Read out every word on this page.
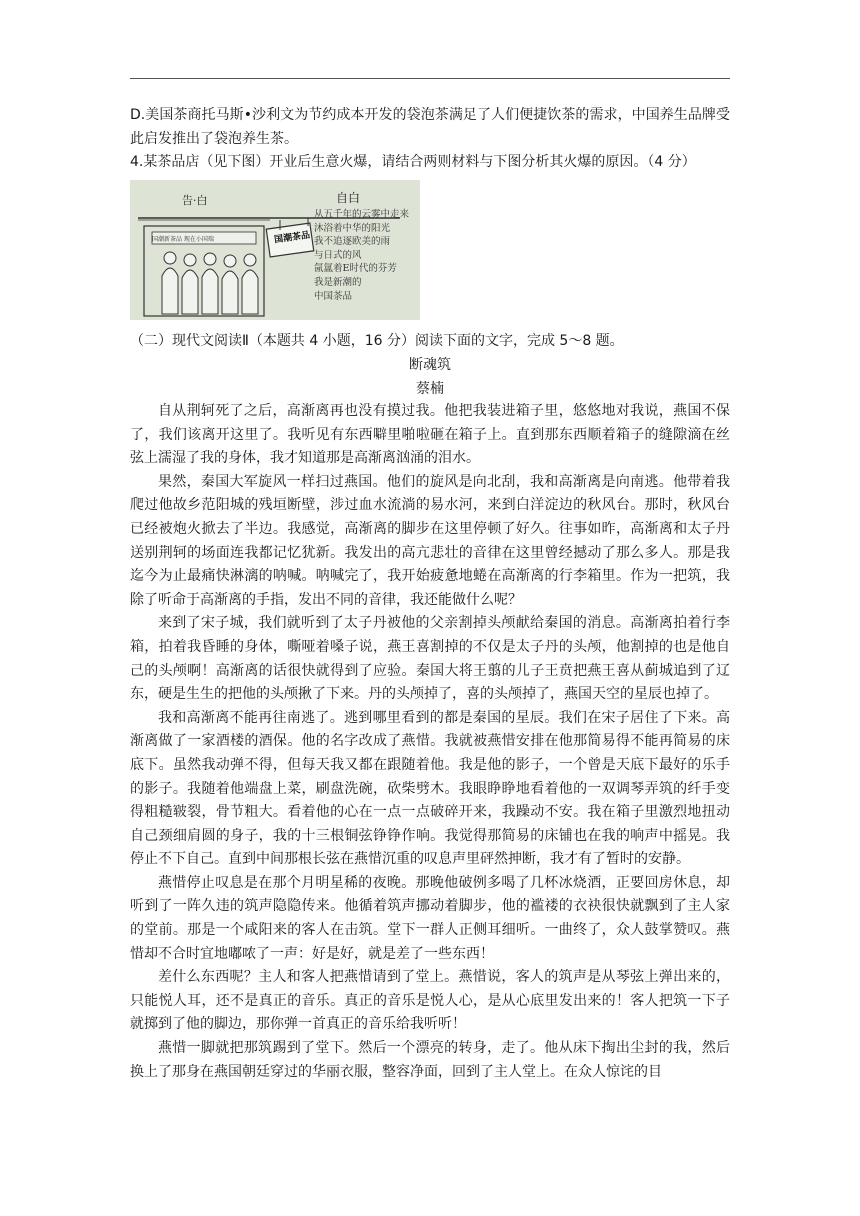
D.美国茶商托马斯•沙利文为节约成本开发的袋泡茶满足了人们便捷饮茶的需求，中国养生品牌受此启发推出了袋泡养生茶。

4.某茶品店（见下图）开业后生意火爆，请结合两则材料与下图分析其火爆的原因。（4 分）

告·白	自白
国潮茶品
国潮新茶品 现在小国瑞
从五千年的云雾中走来
沐浴着中华的阳光
我不追逐欧美的雨
与日式的风
氤氲着E时代的芬芳
我是新潮的
中国茶品

（二）现代文阅读Ⅱ（本题共 4 小题，16 分）阅读下面的文字，完成 5～8 题。

断魂筑

蔡楠

自从荆轲死了之后，高渐离再也没有摸过我。他把我装进箱子里，悠悠地对我说，燕国不保了，我们该离开这里了。我听见有东西噼里啪啦砸在箱子上。直到那东西顺着箱子的缝隙滴在丝弦上濡湿了我的身体，我才知道那是高渐离汹涌的泪水。

果然，秦国大军旋风一样扫过燕国。他们的旋风是向北刮，我和高渐离是向南逃。他带着我爬过他故乡范阳城的残垣断壁，涉过血水流淌的易水河，来到白洋淀边的秋风台。那时，秋风台已经被炮火掀去了半边。我感觉，高渐离的脚步在这里停顿了好久。往事如昨，高渐离和太子丹送别荆轲的场面连我都记忆犹新。我发出的高亢悲壮的音律在这里曾经撼动了那么多人。那是我迄今为止最痛快淋漓的呐喊。呐喊完了，我开始疲惫地蜷在高渐离的行李箱里。作为一把筑，我除了听命于高渐离的手指，发出不同的音律，我还能做什么呢？

来到了宋子城，我们就听到了太子丹被他的父亲割掉头颅献给秦国的消息。高渐离拍着行李箱，拍着我昏睡的身体，嘶哑着嗓子说，燕王喜割掉的不仅是太子丹的头颅，他割掉的也是他自己的头颅啊！高渐离的话很快就得到了应验。秦国大将王翦的儿子王贲把燕王喜从蓟城追到了辽东，硬是生生的把他的头颅揪了下来。丹的头颅掉了，喜的头颅掉了，燕国天空的星辰也掉了。

我和高渐离不能再往南逃了。逃到哪里看到的都是秦国的星辰。我们在宋子居住了下来。高渐离做了一家酒楼的酒保。他的名字改成了燕惜。我就被燕惜安排在他那简易得不能再简易的床底下。虽然我动弹不得，但每天我又都在跟随着他。我是他的影子，一个曾是天底下最好的乐手的影子。我随着他端盘上菜，刷盘洗碗，砍柴劈木。我眼睁睁地看着他的一双调琴弄筑的纤手变得粗糙皲裂，骨节粗大。看着他的心在一点一点破碎开来，我躁动不安。我在箱子里激烈地扭动自己颈细肩圆的身子，我的十三根铜弦铮铮作响。我觉得那简易的床铺也在我的响声中摇晃。我停止不下自己。直到中间那根长弦在燕惜沉重的叹息声里砰然抻断，我才有了暂时的安静。

燕惜停止叹息是在那个月明星稀的夜晚。那晚他破例多喝了几杯冰烧酒，正要回房休息，却听到了一阵久违的筑声隐隐传来。他循着筑声挪动着脚步，他的褴褛的衣袂很快就飘到了主人家的堂前。那是一个咸阳来的客人在击筑。堂下一群人正侧耳细听。一曲终了，众人鼓掌赞叹。燕惜却不合时宜地嘟哝了一声：好是好，就是差了一些东西！

差什么东西呢？主人和客人把燕惜请到了堂上。燕惜说，客人的筑声是从琴弦上弹出来的，只能悦人耳，还不是真正的音乐。真正的音乐是悦人心，是从心底里发出来的！客人把筑一下子就掷到了他的脚边，那你弹一首真正的音乐给我听听！

燕惜一脚就把那筑踢到了堂下。然后一个漂亮的转身，走了。他从床下掏出尘封的我，然后换上了那身在燕国朝廷穿过的华丽衣服，整容净面，回到了主人堂上。在众人惊诧的目
